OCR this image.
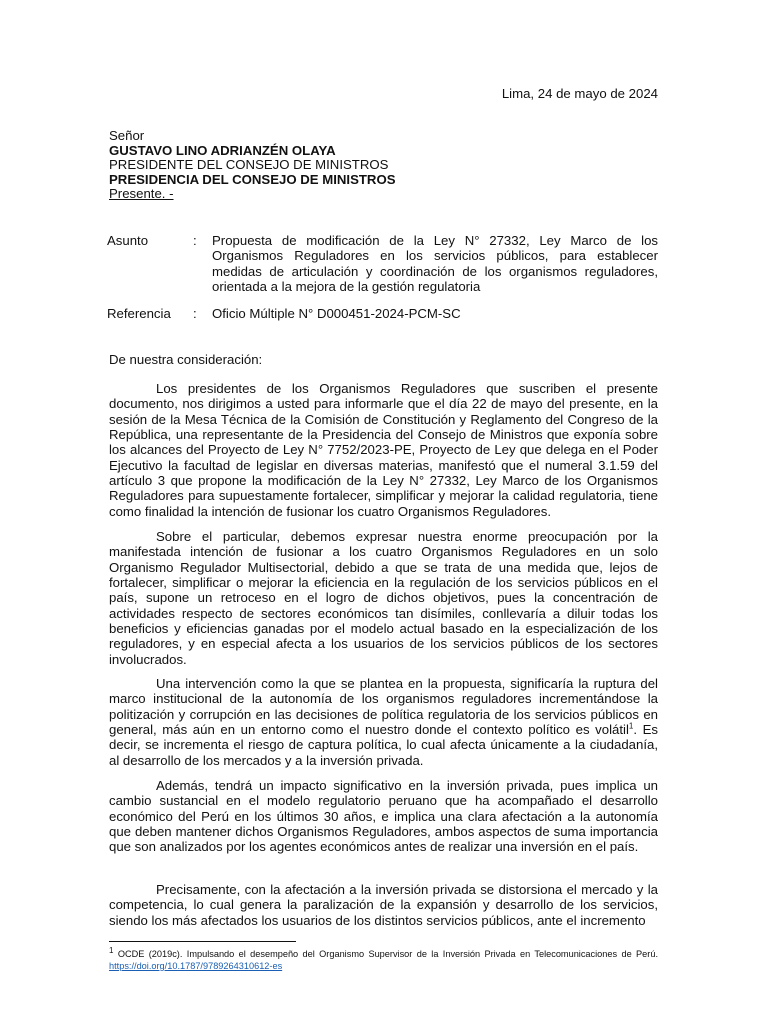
Lima, 24 de mayo de 2024
Señor
GUSTAVO LINO ADRIANZÉN OLAYA
PRESIDENTE DEL CONSEJO DE MINISTROS
PRESIDENCIA DEL CONSEJO DE MINISTROS
Presente. -
Asunto	: Propuesta de modificación de la Ley N° 27332, Ley Marco de los Organismos Reguladores en los servicios públicos, para establecer medidas de articulación y coordinación de los organismos reguladores, orientada a la mejora de la gestión regulatoria
Referencia : Oficio Múltiple N° D000451-2024-PCM-SC
De nuestra consideración:

Los presidentes de los Organismos Reguladores que suscriben el presente documento, nos dirigimos a usted para informarle que el día 22 de mayo del presente, en la sesión de la Mesa Técnica de la Comisión de Constitución y Reglamento del Congreso de la República, una representante de la Presidencia del Consejo de Ministros que exponía sobre los alcances del Proyecto de Ley N° 7752/2023-PE, Proyecto de Ley que delega en el Poder Ejecutivo la facultad de legislar en diversas materias, manifestó que el numeral 3.1.59 del artículo 3 que propone la modificación de la Ley N° 27332, Ley Marco de los Organismos Reguladores para supuestamente fortalecer, simplificar y mejorar la calidad regulatoria, tiene como finalidad la intención de fusionar los cuatro Organismos Reguladores.

Sobre el particular, debemos expresar nuestra enorme preocupación por la manifestada intención de fusionar a los cuatro Organismos Reguladores en un solo Organismo Regulador Multisectorial, debido a que se trata de una medida que, lejos de fortalecer, simplificar o mejorar la eficiencia en la regulación de los servicios públicos en el país, supone un retroceso en el logro de dichos objetivos, pues la concentración de actividades respecto de sectores económicos tan disímiles, conllevaría a diluir todas los beneficios y eficiencias ganadas por el modelo actual basado en la especialización de los reguladores, y en especial afecta a los usuarios de los servicios públicos de los sectores involucrados.

Una intervención como la que se plantea en la propuesta, significaría la ruptura del marco institucional de la autonomía de los organismos reguladores incrementándose la politización y corrupción en las decisiones de política regulatoria de los servicios públicos en general, más aún en un entorno como el nuestro donde el contexto político es volátil$^1$. Es decir, se incrementa el riesgo de captura política, lo cual afecta únicamente a la ciudadanía, al desarrollo de los mercados y a la inversión privada.

Además, tendrá un impacto significativo en la inversión privada, pues implica un cambio sustancial en el modelo regulatorio peruano que ha acompañado el desarrollo económico del Perú en los últimos 30 años, e implica una clara afectación a la autonomía que deben mantener dichos Organismos Reguladores, ambos aspectos de suma importancia que son analizados por los agentes económicos antes de realizar una inversión en el país.

Precisamente, con la afectación a la inversión privada se distorsiona el mercado y la competencia, lo cual genera la paralización de la expansión y desarrollo de los servicios, siendo los más afectados los usuarios de los distintos servicios públicos, ante el incremento

$^1$ OCDE (2019c). Impulsando el desempeño del Organismo Supervisor de la Inversión Privada en Telecomunicaciones de Perú. https://doi.org/10.1787/9789264310612-es
